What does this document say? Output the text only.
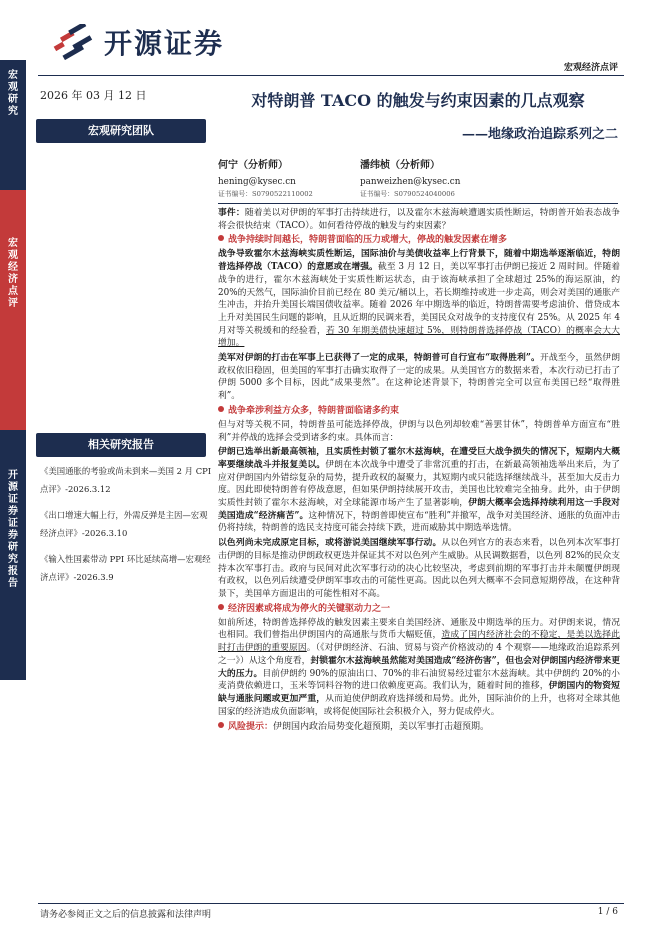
开源证券
宏观经济点评
宏观研究
宏观经济点评
开源证券证券研究报告
2026 年 03 月 12 日
宏观研究团队
相关研究报告
《美国通胀的考验或尚未到来—美国 2 月 CPI 点评》-2026.3.12
《出口增速大幅上行，外需反弹是主因—宏观经济点评》-2026.3.10
《输入性国素带动 PPI 环比延续高增—宏观经济点评》-2026.3.9
对特朗普 TACO 的触发与约束因素的几点观察
——地缘政治追踪系列之二
何宁（分析师）
hening@kysec.cn
证书编号：S0790522110002
潘纬桢（分析师）
panweizhen@kysec.cn
证书编号：S0790524040006

事件：随着美以对伊朗的军事打击持续进行，以及霍尔木兹海峡遭遇实质性断运，特朗普开始表态战争将会很快结束（TACO）。如何看待停战的触发与约束因素？

战争持续时间越长，特朗普面临的压力或增大，停战的触发因素在增多

战争导致霍尔木兹海峡实质性断运，国际油价与美债收益率上行背景下，随着中期选举逐渐临近，特朗普选择停战（TACO）的意愿或在增强。截至 3 月 12 日，美以军事打击伊朗已接近 2 周时间。伴随着战争的进行，霍尔木兹海峡处于实质性断运状态，由于该海峡承担了全球超过 25%的海运原油，约 20%的天然气，国际油价目前已经在 80 美元/桶以上，若长期维持或进一步走高，则会对美国的通胀产生冲击，并抬升美国长端国债收益率。随着 2026 年中期选举的临近，特朗普需要考虑油价、借贷成本上升对美国民生问题的影响，且从近期的民调来看，美国民众对战争的支持度仅有 25%。从 2025 年 4 月对等关税缓和的经验看，若 30 年期美债快速超过 5%，则特朗普选择停战（TACO）的概率会大大增加。

美军对伊朗的打击在军事上已获得了一定的成果，特朗普可自行宣布“取得胜利”。开战至今，虽然伊朗政权依旧稳固，但美国的军事打击确实取得了一定的成果。从美国官方的数据来看，本次行动已打击了伊朗 5000 多个目标，因此“成果斐然”。在这种论述背景下，特朗普完全可以宣布美国已经“取得胜利”。

战争牵涉利益方众多，特朗普面临诸多约束

但与对等关税不同，特朗普虽可能选择停战，伊朗与以色列却较难“善罢甘休”，特朗普单方面宣布“胜利”并停战的选择会受到诸多约束。具体而言：

伊朗已选举出新最高领袖，且实质性封锁了霍尔木兹海峡，在遭受巨大战争损失的情况下，短期内大概率要继续战斗并报复美以。伊朗在本次战争中遭受了非常沉重的打击，在新最高领袖选举出来后，为了应对伊朗国内外错综复杂的局势，提升政权的凝聚力，其短期内或只能选择继续战斗，甚至加大反击力度。因此即使特朗普有停战意愿，但如果伊朗持续展开攻击，美国也比较难完全抽身。此外，由于伊朗实质性封锁了霍尔木兹海峡，对全球能源市场产生了显著影响，伊朗大概率会选择持续利用这一手段对美国造成“经济痛苦”。这种情况下，特朗普即使宣布“胜利”并撤军，战争对美国经济、通胀的负面冲击仍将持续，特朗普的选民支持度可能会持续下跌，进而威胁其中期选举选情。

以色列尚未完成原定目标，或将游说美国继续军事行动。从以色列官方的表态来看，以色列本次军事打击伊朗的目标是推动伊朗政权更迭并保证其不对以色列产生威胁。从民调数据看，以色列 82%的民众支持本次军事打击。政府与民间对此次军事行动的决心比较坚决，考虑到前期的军事打击并未颠覆伊朗现有政权，以色列后续遭受伊朗军事攻击的可能性更高。因此以色列大概率不会同意短期停战，在这种背景下，美国单方面退出的可能性相对不高。

经济因素或将成为停火的关键驱动力之一

如前所述，特朗普选择停战的触发因素主要来自美国经济、通胀及中期选举的压力。对伊朗来说，情况也相同。我们曾指出伊朗国内的高通胀与货币大幅贬值，造成了国内经济社会的不稳定，是美以选择此时打击伊朗的重要原因。（《对伊朗经济、石油、贸易与资产价格波动的 4 个观察——地缘政治追踪系列之一》）从这个角度看，封锁霍尔木兹海峡虽然能对美国造成“经济伤害”，但也会对伊朗国内经济带来更大的压力。目前伊朗约 90%的原油出口、70%的非石油贸易经过霍尔木兹海峡。其中伊朗约 20%的小麦消费依赖进口，玉米等饲料谷物的进口依赖度更高。我们认为，随着时间的推移，伊朗国内的物资短缺与通胀问题或更加严重，从而迫使伊朗政府选择缓和局势。此外，国际油价的上升，也将对全球其他国家的经济造成负面影响，或将促使国际社会积极介入，努力促成停火。

风险提示： 伊朗国内政治局势变化超预期，美以军事打击超预期。
请务必参阅正文之后的信息披露和法律声明	1 / 6
